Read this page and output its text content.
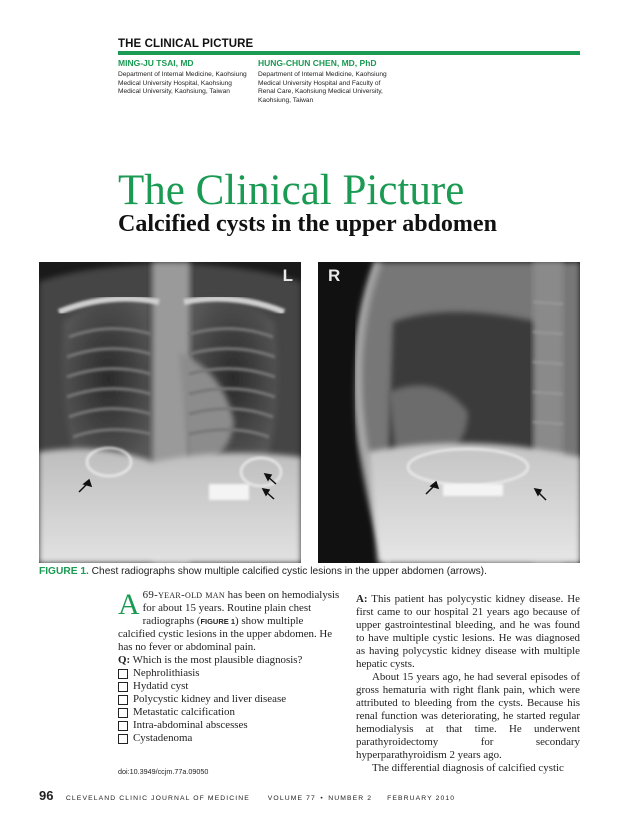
THE CLINICAL PICTURE
MING-JU TSAI, MD
Department of Internal Medicine, Kaohsiung
Medical University Hospital, Kaohsiung
Medical University, Kaohsiung, Taiwan
HUNG-CHUN CHEN, MD, PhD
Department of Internal Medicine, Kaohsiung
Medical University Hospital and Faculty of
Renal Care, Kaohsiung Medical University,
Kaohsiung, Taiwan
The Clinical Picture
Calcified cysts in the upper abdomen
L R
FIGURE 1. Chest radiographs show multiple calcified cystic lesions in the upper abdomen (arrows).

A 69-year-old man has been on hemodialysis for about 15 years. Routine plain chest radiographs (FIGURE 1) show multiple calcified cystic lesions in the upper abdomen. He has no fever or abdominal pain.

Q: Which is the most plausible diagnosis?

Nephrolithiasis
Hydatid cyst
Polycystic kidney and liver disease
Metastatic calcification
Intra-abdominal abscesses
Cystadenoma

A: This patient has polycystic kidney disease. He first came to our hospital 21 years ago because of upper gastrointestinal bleeding, and he was found to have multiple cystic lesions. He was diagnosed as having polycystic kidney disease with multiple hepatic cysts.

About 15 years ago, he had several episodes of gross hematuria with right flank pain, which were attributed to bleeding from the cysts. Because his renal function was deteriorating, he started regular hemodialysis at that time. He underwent parathyroidectomy for secondary hyperparathyroidism 2 years ago.

The differential diagnosis of calcified cystic

doi:10.3949/ccjm.77a.09050
96 CLEVELAND CLINIC JOURNAL OF MEDICINE	VOLUME 77 • NUMBER 2 FEBRUARY 2010
